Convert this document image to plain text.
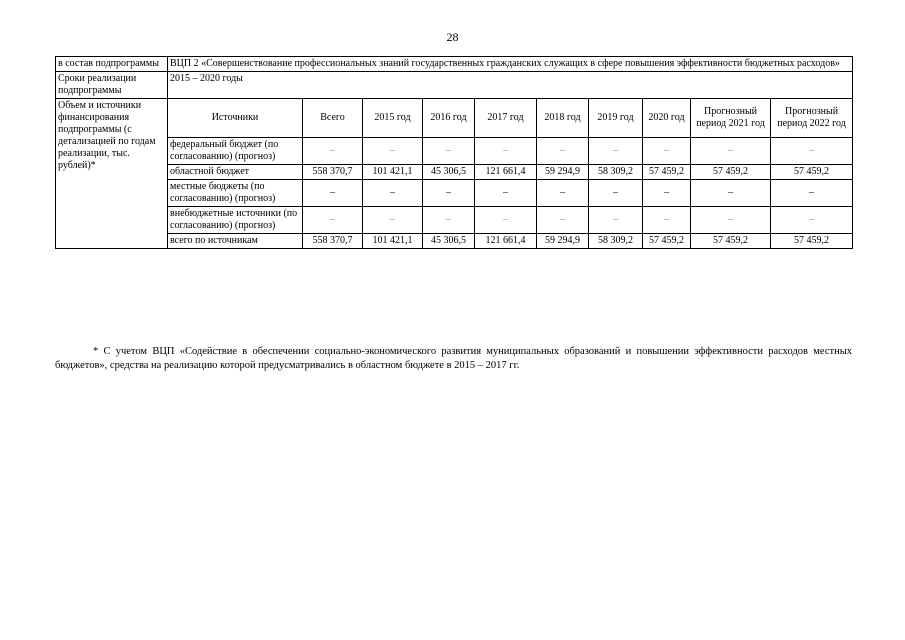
28
в состав подпрограммы	ВЦП 2 «Совершенствование профессиональных знаний государственных гражданских служащих в сфере повышения эффективности бюджетных расходов»									
Сроки реализации подпрограммы	2015 – 2020 годы									
Объем и источники финансирования подпрограммы (с детализацией по годам реализации, тыс. рублей)*	Источники	Всего	2015 год	2016 год	2017 год	2018 год	2019 год	2020 год	Прогнозный период 2021 год	Прогнозный период 2022 год
	федеральный бюджет (по согласованию) (прогноз)	–	–	–	–	–	–	–	–	–
	областной бюджет	558 370,7	101 421,1	45 306,5	121 661,4	59 294,9	58 309,2	57 459,2	57 459,2	57 459,2
	местные бюджеты (по согласованию) (прогноз)	–	–	–	–	–	–	–	–	–
	внебюджетные источники (по согласованию) (прогноз)	–	–	–	–	–	–	–	–	–
	всего по источникам	558 370,7	101 421,1	45 306,5	121 661,4	59 294,9	58 309,2	57 459,2	57 459,2	57 459,2
* С учетом ВЦП «Содействие в обеспечении социально-экономического развития муниципальных образований и повышении эффективности расходов местных бюджетов», средства на реализацию которой предусматривались в областном бюджете в 2015 – 2017 гг.
